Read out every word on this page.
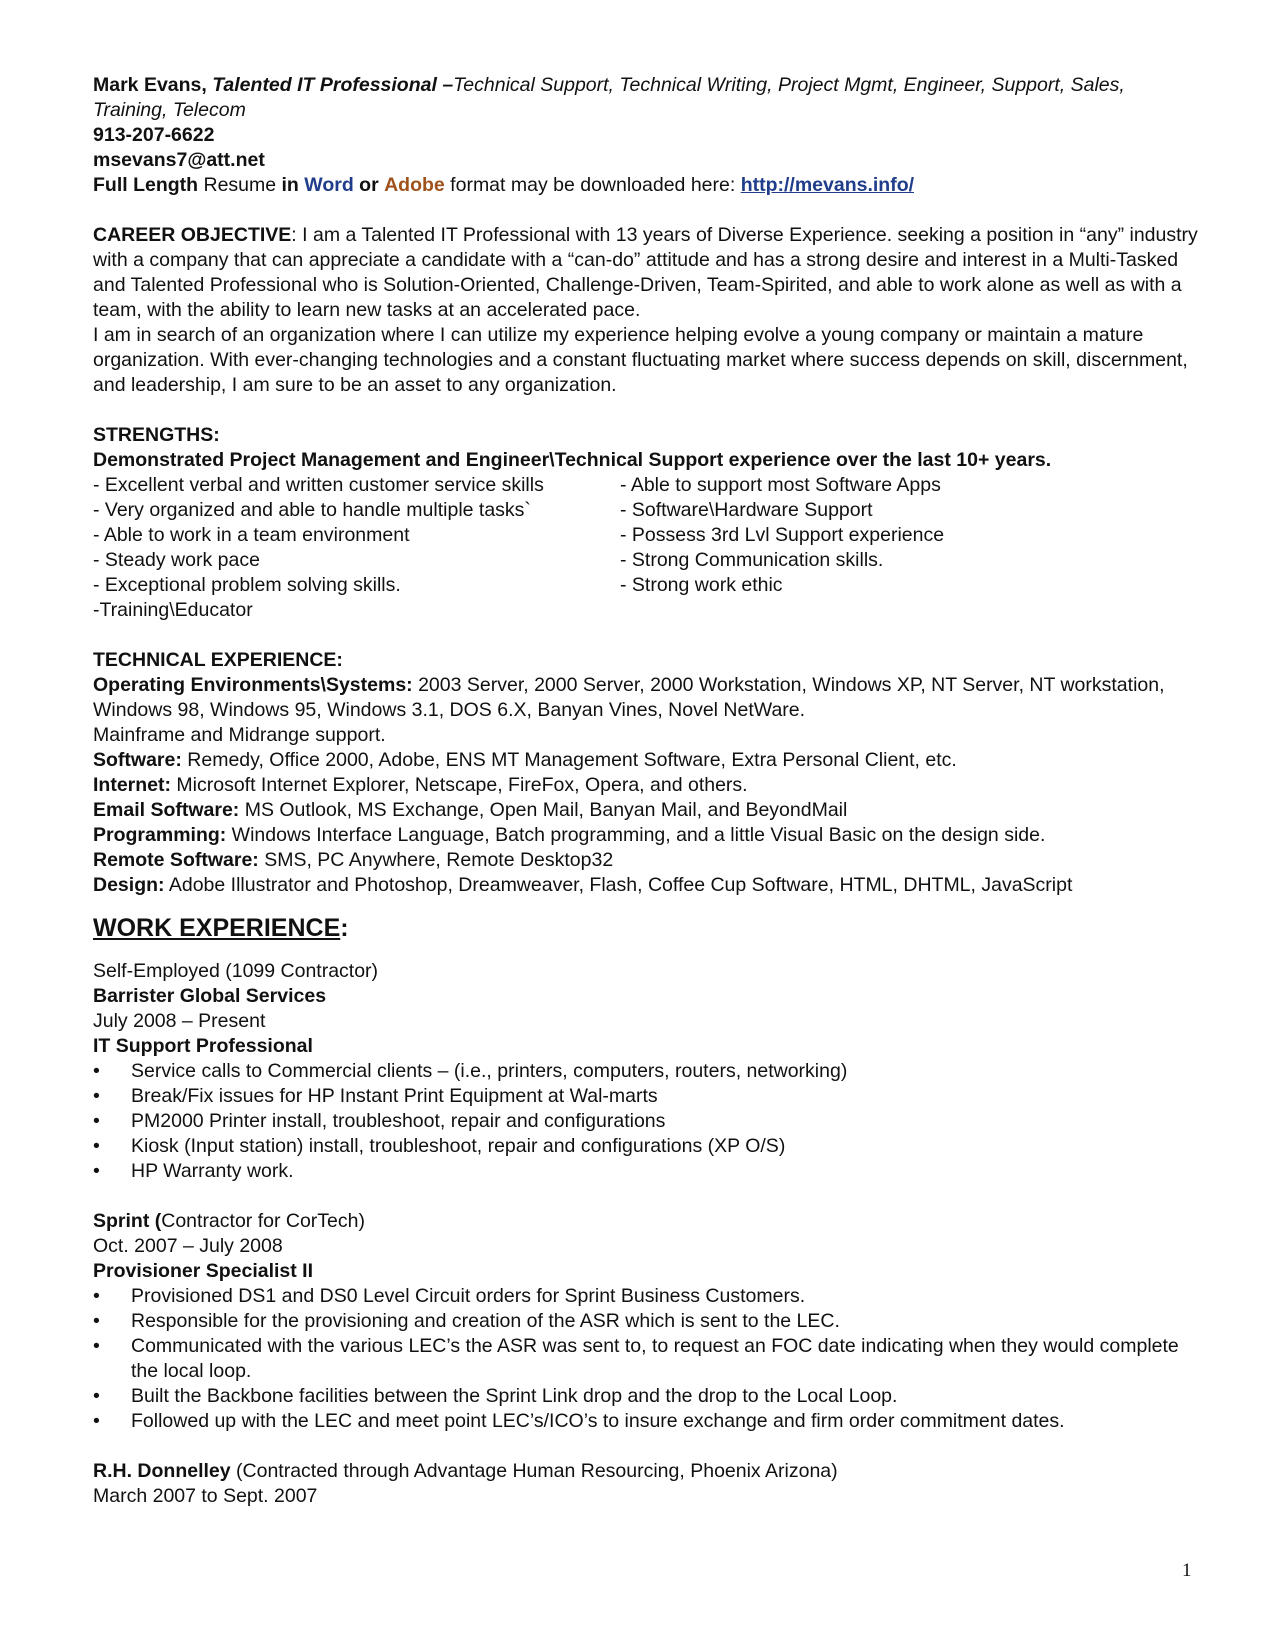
Mark Evans, Talented IT Professional –Technical Support, Technical Writing, Project Mgmt, Engineer, Support, Sales, Training, Telecom

913-207-6622

msevans7@att.net

Full Length Resume in Word or Adobe format may be downloaded here: http://mevans.info/

CAREER OBJECTIVE: I am a Talented IT Professional with 13 years of Diverse Experience. seeking a position in “any” industry with a company that can appreciate a candidate with a “can-do” attitude and has a strong desire and interest in a Multi-Tasked and Talented Professional who is Solution-Oriented, Challenge-Driven, Team-Spirited, and able to work alone as well as with a team, with the ability to learn new tasks at an accelerated pace.

I am in search of an organization where I can utilize my experience helping evolve a young company or maintain a mature organization. With ever-changing technologies and a constant fluctuating market where success depends on skill, discernment, and leadership, I am sure to be an asset to any organization.

STRENGTHS:

Demonstrated Project Management and Engineer\Technical Support experience over the last 10+ years.

- Excellent verbal and written customer service skills

- Very organized and able to handle multiple tasks`

- Able to work in a team environment

- Steady work pace

- Exceptional problem solving skills.

-Training\Educator

- Able to support most Software Apps

- Software\Hardware Support

- Possess 3rd Lvl Support experience

- Strong Communication skills.

- Strong work ethic

TECHNICAL EXPERIENCE:

Operating Environments\Systems: 2003 Server, 2000 Server, 2000 Workstation, Windows XP, NT Server, NT workstation, Windows 98, Windows 95, Windows 3.1, DOS 6.X, Banyan Vines, Novel NetWare.

Mainframe and Midrange support.

Software: Remedy, Office 2000, Adobe, ENS MT Management Software, Extra Personal Client, etc.

Internet: Microsoft Internet Explorer, Netscape, FireFox, Opera, and others.

Email Software: MS Outlook, MS Exchange, Open Mail, Banyan Mail, and BeyondMail

Programming: Windows Interface Language, Batch programming, and a little Visual Basic on the design side.

Remote Software: SMS, PC Anywhere, Remote Desktop32

Design: Adobe Illustrator and Photoshop, Dreamweaver, Flash, Coffee Cup Software, HTML, DHTML, JavaScript

WORK EXPERIENCE:

Self-Employed (1099 Contractor)

Barrister Global Services

July 2008 – Present

IT Support Professional

• Service calls to Commercial clients – (i.e., printers, computers, routers, networking)
• Break/Fix issues for HP Instant Print Equipment at Wal-marts
• PM2000 Printer install, troubleshoot, repair and configurations
• Kiosk (Input station) install, troubleshoot, repair and configurations (XP O/S)
• HP Warranty work.

Sprint (Contractor for CorTech)

Oct. 2007 – July 2008

Provisioner Specialist II

• Provisioned DS1 and DS0 Level Circuit orders for Sprint Business Customers.
• Responsible for the provisioning and creation of the ASR which is sent to the LEC.
• Communicated with the various LEC’s the ASR was sent to, to request an FOC date indicating when they would complete the local loop.
• Built the Backbone facilities between the Sprint Link drop and the drop to the Local Loop.
• Followed up with the LEC and meet point LEC’s/ICO’s to insure exchange and firm order commitment dates.

R.H. Donnelley (Contracted through Advantage Human Resourcing, Phoenix Arizona)

March 2007 to Sept. 2007

1
